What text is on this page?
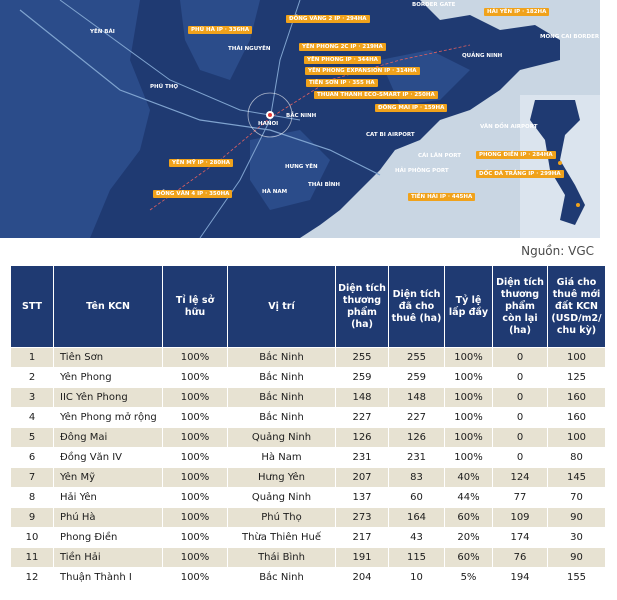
YÊN BÁI
PHÚ THỌ
THÁI NGUYÊN
HANOI
BẮC NINH
HƯNG YÊN
HÀ NAM
THÁI BÌNH
QUẢNG NINH
VÂN ĐỒN AIRPORT
CÁI LÂN PORT
HẢI PHÒNG PORT
CAT BI AIRPORT
MONG CAI BORDER GATE
BORDER GATE
ĐỒNG VÀNG 2 IP · 294HA
PHÚ HÀ IP · 336HA
YÊN PHONG 2C IP · 219HA
YÊN PHONG IP · 344HA
YÊN PHONG EXPANSION IP · 314HA
TIÊN SƠN IP · 355 HA
THUAN THANH ECO-SMART IP · 250HA
ĐÔNG MAI IP · 159HA
YÊN MỸ IP · 280HA
ĐỒNG VĂN 4 IP · 350HA
HẢI YÊN IP · 182HA
PHONG ĐIỀN IP · 284HA
DỐC ĐÁ TRẮNG IP · 299HA
TIỀN HẢI IP · 445HA
Nguồn: VGC
STT	Tên KCN	Tỉ lệ sở hữu	Vị trí	Diện tích thương phẩm (ha)	Diện tích đã cho thuê (ha)	Tỷ lệ lấp đầy	Diện tích thương phẩm còn lại (ha)	Giá cho thuê mới đất KCN (USD/m2/ chu kỳ)
1	Tiên Sơn	100%	Bắc Ninh	255	255	100%	0	100
2	Yên Phong	100%	Bắc Ninh	259	259	100%	0	125
3	IIC Yên Phong	100%	Bắc Ninh	148	148	100%	0	160
4	Yên Phong mở rộng	100%	Bắc Ninh	227	227	100%	0	160
5	Đông Mai	100%	Quảng Ninh	126	126	100%	0	100
6	Đồng Văn IV	100%	Hà Nam	231	231	100%	0	80
7	Yên Mỹ	100%	Hưng Yên	207	83	40%	124	145
8	Hải Yên	100%	Quảng Ninh	137	60	44%	77	70
9	Phú Hà	100%	Phú Thọ	273	164	60%	109	90
10	Phong Điền	100%	Thừa Thiên Huế	217	43	20%	174	30
11	Tiền Hải	100%	Thái Bình	191	115	60%	76	90
12	Thuận Thành I	100%	Bắc Ninh	204	10	5%	194	155
